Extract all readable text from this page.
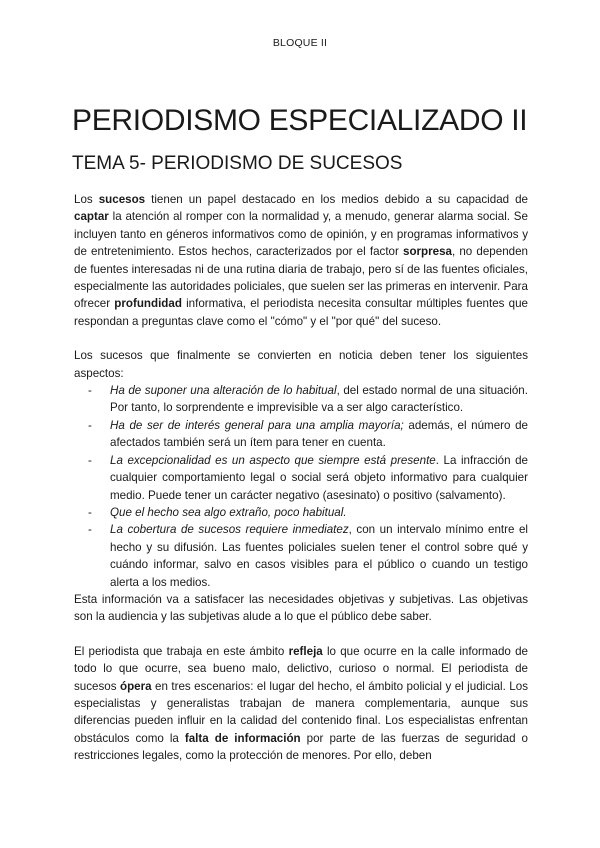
BLOQUE II
PERIODISMO ESPECIALIZADO II
TEMA 5- PERIODISMO DE SUCESOS

Los sucesos tienen un papel destacado en los medios debido a su capacidad de captar la atención al romper con la normalidad y, a menudo, generar alarma social. Se incluyen tanto en géneros informativos como de opinión, y en programas informativos y de entretenimiento. Estos hechos, caracterizados por el factor sorpresa, no dependen de fuentes interesadas ni de una rutina diaria de trabajo, pero sí de las fuentes oficiales, especialmente las autoridades policiales, que suelen ser las primeras en intervenir. Para ofrecer profundidad informativa, el periodista necesita consultar múltiples fuentes que respondan a preguntas clave como el "cómo" y el "por qué" del suceso.

Los sucesos que finalmente se convierten en noticia deben tener los siguientes aspectos:

- Ha de suponer una alteración de lo habitual, del estado normal de una situación. Por tanto, lo sorprendente e imprevisible va a ser algo característico.
- Ha de ser de interés general para una amplia mayoría; además, el número de afectados también será un ítem para tener en cuenta.
- La excepcionalidad es un aspecto que siempre está presente. La infracción de cualquier comportamiento legal o social será objeto informativo para cualquier medio. Puede tener un carácter negativo (asesinato) o positivo (salvamento).
- Que el hecho sea algo extraño, poco habitual.
- La cobertura de sucesos requiere inmediatez, con un intervalo mínimo entre el hecho y su difusión. Las fuentes policiales suelen tener el control sobre qué y cuándo informar, salvo en casos visibles para el público o cuando un testigo alerta a los medios.

Esta información va a satisfacer las necesidades objetivas y subjetivas. Las objetivas son la audiencia y las subjetivas alude a lo que el público debe saber.

El periodista que trabaja en este ámbito refleja lo que ocurre en la calle informado de todo lo que ocurre, sea bueno malo, delictivo, curioso o normal. El periodista de sucesos ópera en tres escenarios: el lugar del hecho, el ámbito policial y el judicial. Los especialistas y generalistas trabajan de manera complementaria, aunque sus diferencias pueden influir en la calidad del contenido final. Los especialistas enfrentan obstáculos como la falta de información por parte de las fuerzas de seguridad o restricciones legales, como la protección de menores. Por ello, deben
